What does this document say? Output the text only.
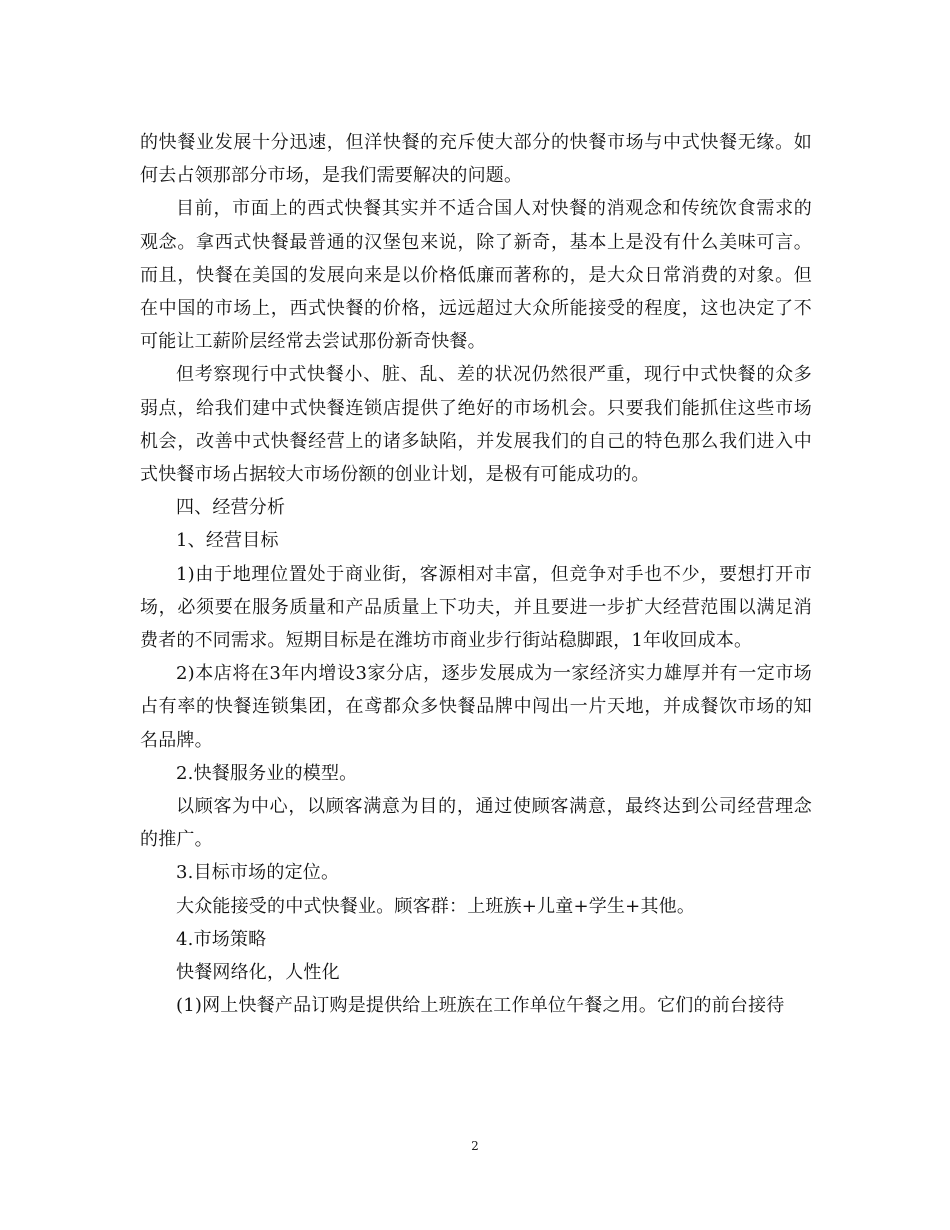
的快餐业发展十分迅速，但洋快餐的充斥使大部分的快餐市场与中式快餐无缘。如何去占领那部分市场，是我们需要解决的问题。

目前，市面上的西式快餐其实并不适合国人对快餐的消观念和传统饮食需求的观念。拿西式快餐最普通的汉堡包来说，除了新奇，基本上是没有什么美味可言。而且，快餐在美国的发展向来是以价格低廉而著称的，是大众日常消费的对象。但在中国的市场上，西式快餐的价格，远远超过大众所能接受的程度，这也决定了不可能让工薪阶层经常去尝试那份新奇快餐。

但考察现行中式快餐小、脏、乱、差的状况仍然很严重，现行中式快餐的众多弱点，给我们建中式快餐连锁店提供了绝好的市场机会。只要我们能抓住这些市场机会，改善中式快餐经营上的诸多缺陷，并发展我们的自己的特色那么我们进入中式快餐市场占据较大市场份额的创业计划，是极有可能成功的。

四、经营分析

1、经营目标

1)由于地理位置处于商业街，客源相对丰富，但竞争对手也不少，要想打开市场，必须要在服务质量和产品质量上下功夫，并且要进一步扩大经营范围以满足消费者的不同需求。短期目标是在潍坊市商业步行街站稳脚跟，1年收回成本。

2)本店将在3年内增设3家分店，逐步发展成为一家经济实力雄厚并有一定市场占有率的快餐连锁集团，在鸢都众多快餐品牌中闯出一片天地，并成餐饮市场的知名品牌。

2.快餐服务业的模型。

以顾客为中心，以顾客满意为目的，通过使顾客满意，最终达到公司经营理念的推广。

3.目标市场的定位。

大众能接受的中式快餐业。顾客群：上班族+儿童+学生+其他。

4.市场策略

快餐网络化，人性化

(1)网上快餐产品订购是提供给上班族在工作单位午餐之用。它们的前台接待

2
